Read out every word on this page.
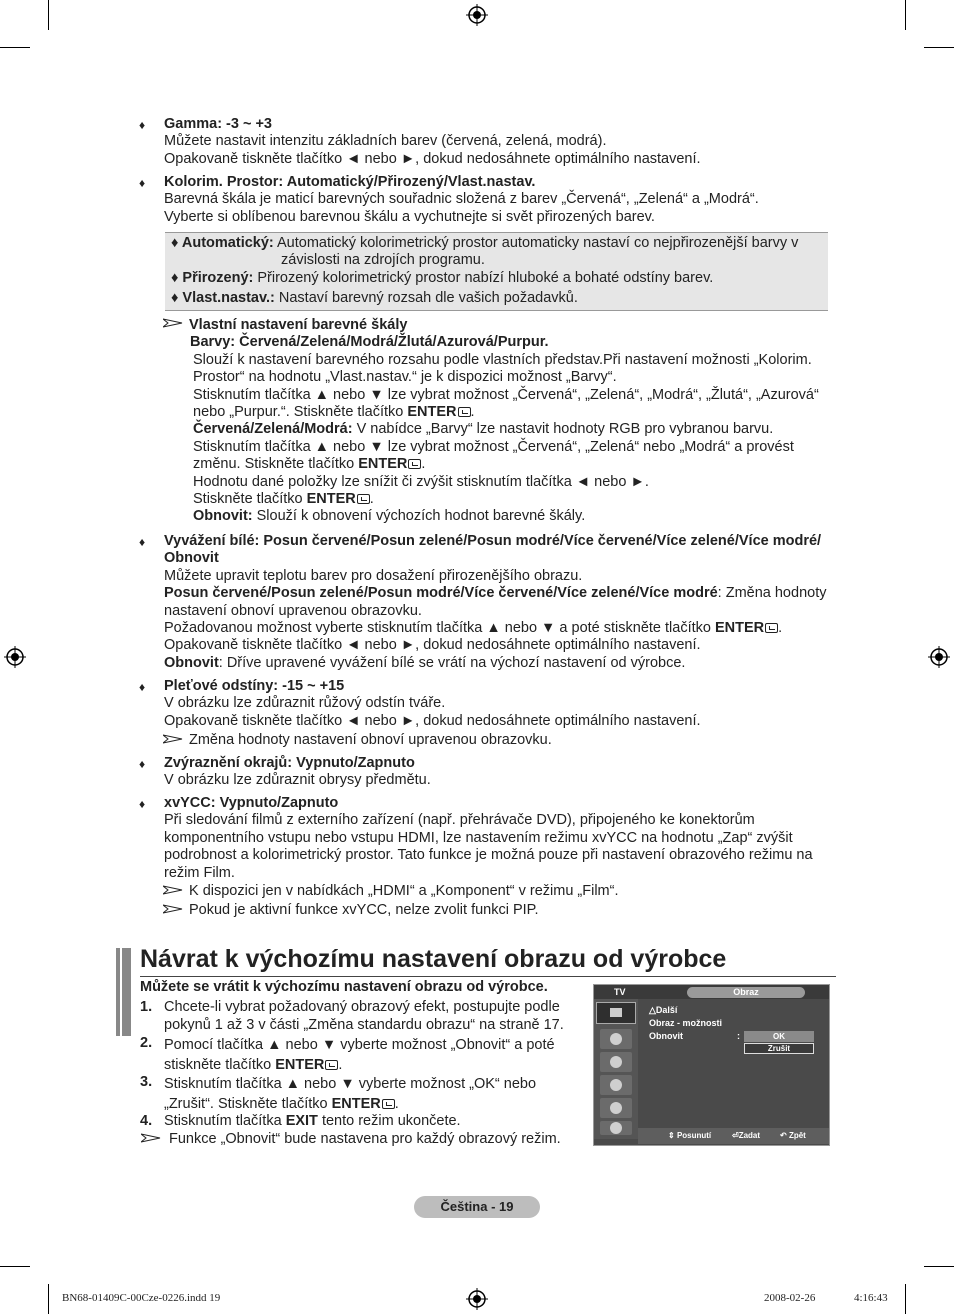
♦ Gamma: -3 ~ +3
Můžete nastavit intenzitu základních barev (červená, zelená, modrá).
Opakovaně tiskněte tlačítko ◄ nebo ►, dokud nedosáhnete optimálního nastavení.
♦ Kolorim. Prostor: Automatický/Přirozený/Vlast.nastav.
Barevná škála je maticí barevných souřadnic složená z barev „Červená“, „Zelená“ a „Modrá“.
Vyberte si oblíbenou barevnou škálu a vychutnejte si svět přirozených barev.
♦ Automatický: Automatický kolorimetrický prostor automaticky nastaví co nejpřirozenější barvy v
závislosti na zdrojích programu.
♦ Přirozený: Přirozený kolorimetrický prostor nabízí hluboké a bohaté odstíny barev.
♦ Vlast.nastav.: Nastaví barevný rozsah dle vašich požadavků.
Vlastní nastavení barevné škály
Barvy: Červená/Zelená/Modrá/Žlutá/Azurová/Purpur.
Slouží k nastavení barevného rozsahu podle vlastních představ.Při nastavení možnosti „Kolorim.
Prostor“ na hodnotu „Vlast.nastav.“ je k dispozici možnost „Barvy“.
Stisknutím tlačítka ▲ nebo ▼ lze vybrat možnost „Červená“, „Zelená“, „Modrá“, „Žlutá“, „Azurová“
nebo „Purpur.“. Stiskněte tlačítko ENTER .
Červená/Zelená/Modrá: V nabídce „Barvy“ lze nastavit hodnoty RGB pro vybranou barvu.
Stisknutím tlačítka ▲ nebo ▼ lze vybrat možnost „Červená“, „Zelená“ nebo „Modrá“ a provést
změnu. Stiskněte tlačítko ENTER .
Hodnotu dané položky lze snížit či zvýšit stisknutím tlačítka ◄ nebo ►.
Stiskněte tlačítko ENTER .
Obnovit: Slouží k obnovení výchozích hodnot barevné škály.
♦ Vyvážení bílé: Posun červené/Posun zelené/Posun modré/Více červené/Více zelené/Více modré/
Obnovit
Můžete upravit teplotu barev pro dosažení přirozenějšího obrazu.
Posun červené/Posun zelené/Posun modré/Více červené/Více zelené/Více modré: Změna hodnoty
nastavení obnoví upravenou obrazovku.
Požadovanou možnost vyberte stisknutím tlačítka ▲ nebo ▼ a poté stiskněte tlačítko ENTER .
Opakovaně tiskněte tlačítko ◄ nebo ►, dokud nedosáhnete optimálního nastavení.
Obnovit: Dříve upravené vyvážení bílé se vrátí na výchozí nastavení od výrobce.
♦ Pleťové odstíny: -15 ~ +15
V obrázku lze zdůraznit růžový odstín tváře.
Opakovaně tiskněte tlačítko ◄ nebo ►, dokud nedosáhnete optimálního nastavení.
Změna hodnoty nastavení obnoví upravenou obrazovku.
♦ Zvýraznění okrajů: Vypnuto/Zapnuto
V obrázku lze zdůraznit obrysy předmětu.
♦ xvYCC: Vypnuto/Zapnuto
Při sledování filmů z externího zařízení (např. přehrávače DVD), připojeného ke konektorům
komponentního vstupu nebo vstupu HDMI, lze nastavením režimu xvYCC na hodnotu „Zap“ zvýšit
podrobnost a kolorimetrický prostor. Tato funkce je možná pouze při nastavení obrazového režimu na
režim Film.
K dispozici jen v nabídkách „HDMI“ a „Komponent“ v režimu „Film“.
Pokud je aktivní funkce xvYCC, nelze zvolit funkci PIP.
Návrat k výchozímu nastavení obrazu od výrobce
Můžete se vrátit k výchozímu nastavení obrazu od výrobce.
1. Chcete-li vybrat požadovaný obrazový efekt, postupujte podle
pokynů 1 až 3 v části „Změna standardu obrazu“ na straně 17.
2. Pomocí tlačítka ▲ nebo ▼ vyberte možnost „Obnovit“ a poté
stiskněte tlačítko ENTER .
3. Stisknutím tlačítka ▲ nebo ▼ vyberte možnost „OK“ nebo
„Zrušit“. Stiskněte tlačítko ENTER .
4. Stisknutím tlačítka EXIT tento režim ukončete.
Funkce „Obnovit“ bude nastavena pro každý obrazový režim.
TV	Obraz
△Další
Obraz - možnosti
Obnovit	:	OK
Zrušit
⇕ Posunutí	⏎Zadat ↶ Zpět
Čeština - 19
BN68-01409C-00Cze-0226.indd 19	2008-02-26	4:16:43
